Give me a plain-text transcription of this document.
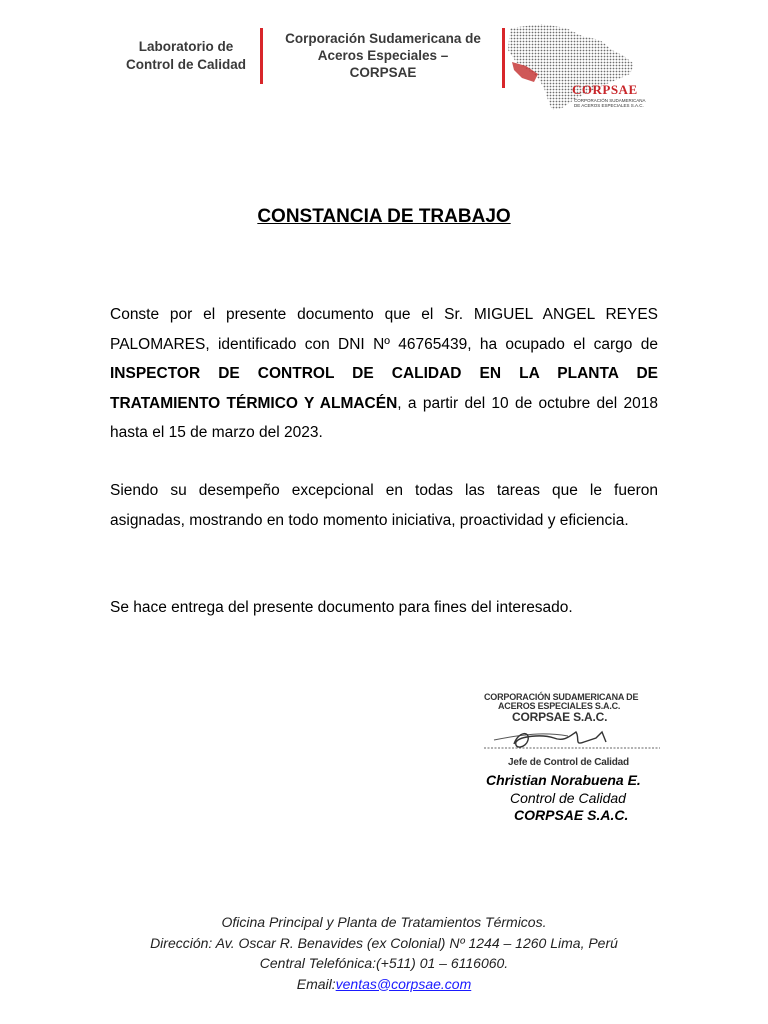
Laboratorio de
Control de Calidad
Corporación Sudamericana de
Aceros Especiales –
CORPSAE
CORPSAE
CORPORACIÓN SUDAMERICANA
DE ACEROS ESPECIALES S.A.C.
CONSTANCIA DE TRABAJO
Conste por el presente documento que el Sr. MIGUEL ANGEL REYES PALOMARES, identificado con DNI Nº 46765439, ha ocupado el cargo de INSPECTOR DE CONTROL DE CALIDAD EN LA PLANTA DE TRATAMIENTO TÉRMICO Y ALMACÉN, a partir del 10 de octubre del 2018 hasta el 15 de marzo del 2023.
Siendo su desempeño excepcional en todas las tareas que le fueron asignadas, mostrando en todo momento iniciativa, proactividad y eficiencia.
Se hace entrega del presente documento para fines del interesado.
CORPORACIÓN SUDAMERICANA DE
ACEROS ESPECIALES S.A.C.
CORPSAE S.A.C.
Jefe de Control de Calidad
Christian Norabuena E.
Control de Calidad
CORPSAE S.A.C.
Oficina Principal y Planta de Tratamientos Térmicos.
Dirección: Av. Oscar R. Benavides (ex Colonial) Nº 1244 – 1260 Lima, Perú
Central Telefónica:(+511) 01 – 6116060.
Email:ventas@corpsae.com
